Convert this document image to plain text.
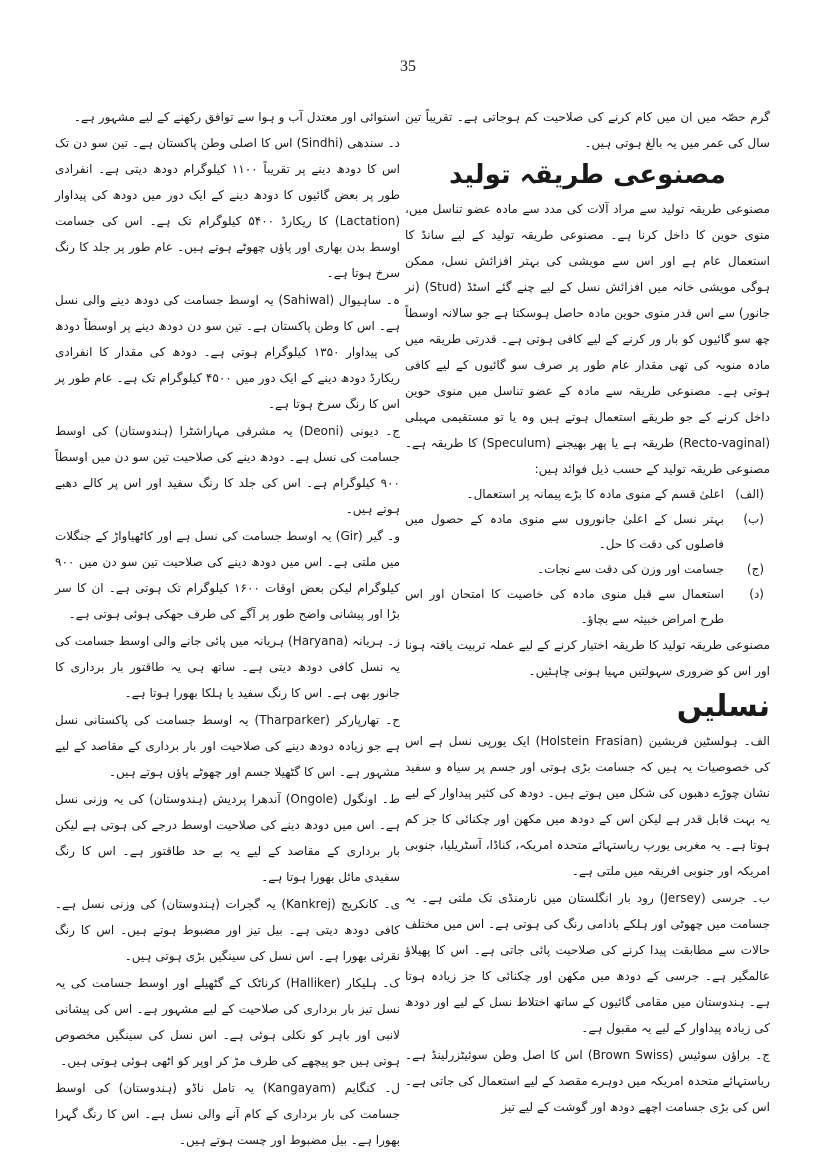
35

گرم حصّہ میں ان میں کام کرنے کی صلاحیت کم ہوجاتی ہے۔ تقریباً تین سال کی عمر میں یہ بالغ ہوتی ہیں۔

مصنوعی طریقہ تولید

مصنوعی طریقہ تولید سے مراد آلات کی مدد سے مادہ عضو تناسل میں، منوی حوین کا داخل کرنا ہے۔ مصنوعی طریقہ تولید کے لیے سانڈ کا استعمال عام ہے اور اس سے مویشی کی بہتر افزائش نسل، ممکن ہوگی مویشی خانہ میں افزائش نسل کے لیے چنے گئے اسٹڈ (Stud) (نر جانور) سے اس قدر منوی حوین مادہ حاصل ہوسکتا ہے جو سالانہ اوسطاً چھ سو گائیوں کو بار ور کرنے کے لیے کافی ہوتی ہے۔ قدرتی طریقہ میں مادہ منویہ کی تھی مقدار عام طور پر صرف سو گائیوں کے لیے کافی ہوتی ہے۔ مصنوعی طریقہ سے مادہ کے عضو تناسل میں منوی حوین داخل کرنے کے جو طریقے استعمال ہوتے ہیں وہ یا تو مستقیمی مہبلی (Recto-vaginal) طریقہ ہے یا پھر بھیجنے (Speculum) کا طریقہ ہے۔ مصنوعی طریقہ تولید کے حسب ذیل فوائد ہیں:

(الف)
اعلیٰ قسم کے منوی مادہ کا بڑے پیمانہ پر استعمال۔
(ب)
بہتر نسل کے اعلیٰ جانوروں سے منوی مادہ کے حصول میں فاصلوں کی دقت کا حل۔
(ج)
جسامت اور وزن کی دقت سے نجات۔
(د)
استعمال سے قبل منوی مادہ کی خاصیت کا امتحان اور اس طرح امراض خبیثہ سے بچاؤ۔

مصنوعی طریقہ تولید کا طریقہ اختیار کرنے کے لیے عملہ تربیت یافتہ ہونا اور اس کو ضروری سہولتیں مہیا ہونی چاہئیں۔

نسلیں

الف۔ ہولسٹین فریشین (Holstein Frasian) ایک یورپی نسل ہے اس کی خصوصیات یہ ہیں کہ جسامت بڑی ہوتی اور جسم پر سیاہ و سفید نشان چوڑے دھبوں کی شکل میں ہوتے ہیں۔ دودھ کی کثیر پیداوار کے لیے یہ بہت قابل قدر ہے لیکن اس کے دودھ میں مکھن اور چکنائی کا جز کم ہوتا ہے۔ یہ مغربی یورپ ریاستہائے متحدہ امریکہ، کناڈا، آسٹریلیا، جنوبی امریکہ اور جنوبی افریقہ میں ملتی ہے۔

ب۔ جرسی (Jersey) رود بار انگلستان میں نارمنڈی تک ملتی ہے۔ یہ جسامت میں چھوٹی اور ہلکے بادامی رنگ کی ہوتی ہے۔ اس میں مختلف حالات سے مطابقت پیدا کرنے کی صلاحیت پائی جاتی ہے۔ اس کا پھیلاؤ عالمگیر ہے۔ جرسی کے دودھ میں مکھن اور چکنائی کا جز زیادہ ہوتا ہے۔ ہندوستان میں مقامی گائیوں کے ساتھ اختلاط نسل کے لیے اور دودھ کی زیادہ پیداوار کے لیے یہ مقبول ہے۔

ج۔ براؤن سوئیس (Brown Swiss) اس کا اصل وطن سوئیٹزرلینڈ ہے۔ ریاستہائے متحدہ امریکہ میں دوہرے مقصد کے لیے استعمال کی جاتی ہے۔ اس کی بڑی جسامت اچھے دودھ اور گوشت کے لیے تیز

استوائی اور معتدل آب و ہوا سے توافق رکھنے کے لیے مشہور ہے۔

د۔ سندھی (Sindhi) اس کا اصلی وطن پاکستان ہے۔ تین سو دن تک اس کا دودھ دینے پر تقریباً ۱۱۰۰ کیلوگرام دودھ دیتی ہے۔ انفرادی طور پر بعض گائیوں کا دودھ دینے کے ایک دور میں دودھ کی پیداوار (Lactation) کا ریکارڈ ۵۴۰۰ کیلوگرام تک ہے۔ اس کی جسامت اوسط بدن بھاری اور پاؤں چھوٹے ہوتے ہیں۔ عام طور پر جلد کا رنگ سرخ ہوتا ہے۔

ہ۔ ساہیوال (Sahiwal) یہ اوسط جسامت کی دودھ دینے والی نسل ہے۔ اس کا وطن پاکستان ہے۔ تین سو دن دودھ دینے پر اوسطاً دودھ کی پیداوار ۱۳۵۰ کیلوگرام ہوتی ہے۔ دودھ کی مقدار کا انفرادی ریکارڈ دودھ دینے کے ایک دور میں ۴۵۰۰ کیلوگرام تک ہے۔ عام طور پر اس کا رنگ سرخ ہوتا ہے۔

ج۔ دیونی (Deoni) یہ مشرقی مہاراشٹرا (ہندوستان) کی اوسط جسامت کی نسل ہے۔ دودھ دینے کی صلاحیت تین سو دن میں اوسطاً ۹۰۰ کیلوگرام ہے۔ اس کی جلد کا رنگ سفید اور اس پر کالے دھبے ہوتے ہیں۔

و۔ گیر (Gir) یہ اوسط جسامت کی نسل ہے اور کاٹھیاواڑ کے جنگلات میں ملتی ہے۔ اس میں دودھ دینے کی صلاحیت تین سو دن میں ۹۰۰ کیلوگرام لیکن بعض اوقات ۱۶۰۰ کیلوگرام تک ہوتی ہے۔ ان کا سر بڑا اور پیشانی واضح طور پر آگے کی طرف جھکی ہوئی ہوتی ہے۔

ز۔ ہریانہ (Haryana) ہریانہ میں پائی جانے والی اوسط جسامت کی یہ نسل کافی دودھ دیتی ہے۔ ساتھ ہی یہ طاقتور بار برداری کا جانور بھی ہے۔ اس کا رنگ سفید یا ہلکا بھورا ہوتا ہے۔

ح۔ تھارپارکر (Tharparker) یہ اوسط جسامت کی پاکستانی نسل ہے جو زیادہ دودھ دینے کی صلاحیت اور بار برداری کے مقاصد کے لیے مشہور ہے۔ اس کا گٹھیلا جسم اور چھوٹے پاؤں ہوتے ہیں۔

ط۔ اونگول (Ongole) آندھرا پردیش (ہندوستان) کی یہ وزنی نسل ہے۔ اس میں دودھ دینے کی صلاحیت اوسط درجے کی ہوتی ہے لیکن بار برداری کے مقاصد کے لیے یہ بے حد طاقتور ہے۔ اس کا رنگ سفیدی مائل بھورا ہوتا ہے۔

ی۔ کانکریج (Kankrej) یہ گجرات (ہندوستان) کی وزنی نسل ہے۔ کافی دودھ دیتی ہے۔ بیل تیز اور مضبوط ہوتے ہیں۔ اس کا رنگ نقرئی بھورا ہے۔ اس نسل کی سینگیں بڑی ہوتی ہیں۔

ک۔ ہلیکار (Halliker) کرناٹک کے گٹھیلے اور اوسط جسامت کی یہ نسل تیز بار برداری کی صلاحیت کے لیے مشہور ہے۔ اس کی پیشانی لانبی اور باہر کو نکلی ہوئی ہے۔ اس نسل کی سینگیں مخصوص ہوتی ہیں جو پیچھے کی طرف مڑ کر اوپر کو اٹھی ہوئی ہوتی ہیں۔

ل۔ کنگایم (Kangayam) یہ تامل ناڈو (ہندوستان) کی اوسط جسامت کی بار برداری کے کام آنے والی نسل ہے۔ اس کا رنگ گہرا بھورا ہے۔ بیل مضبوط اور چست ہوتے ہیں۔
